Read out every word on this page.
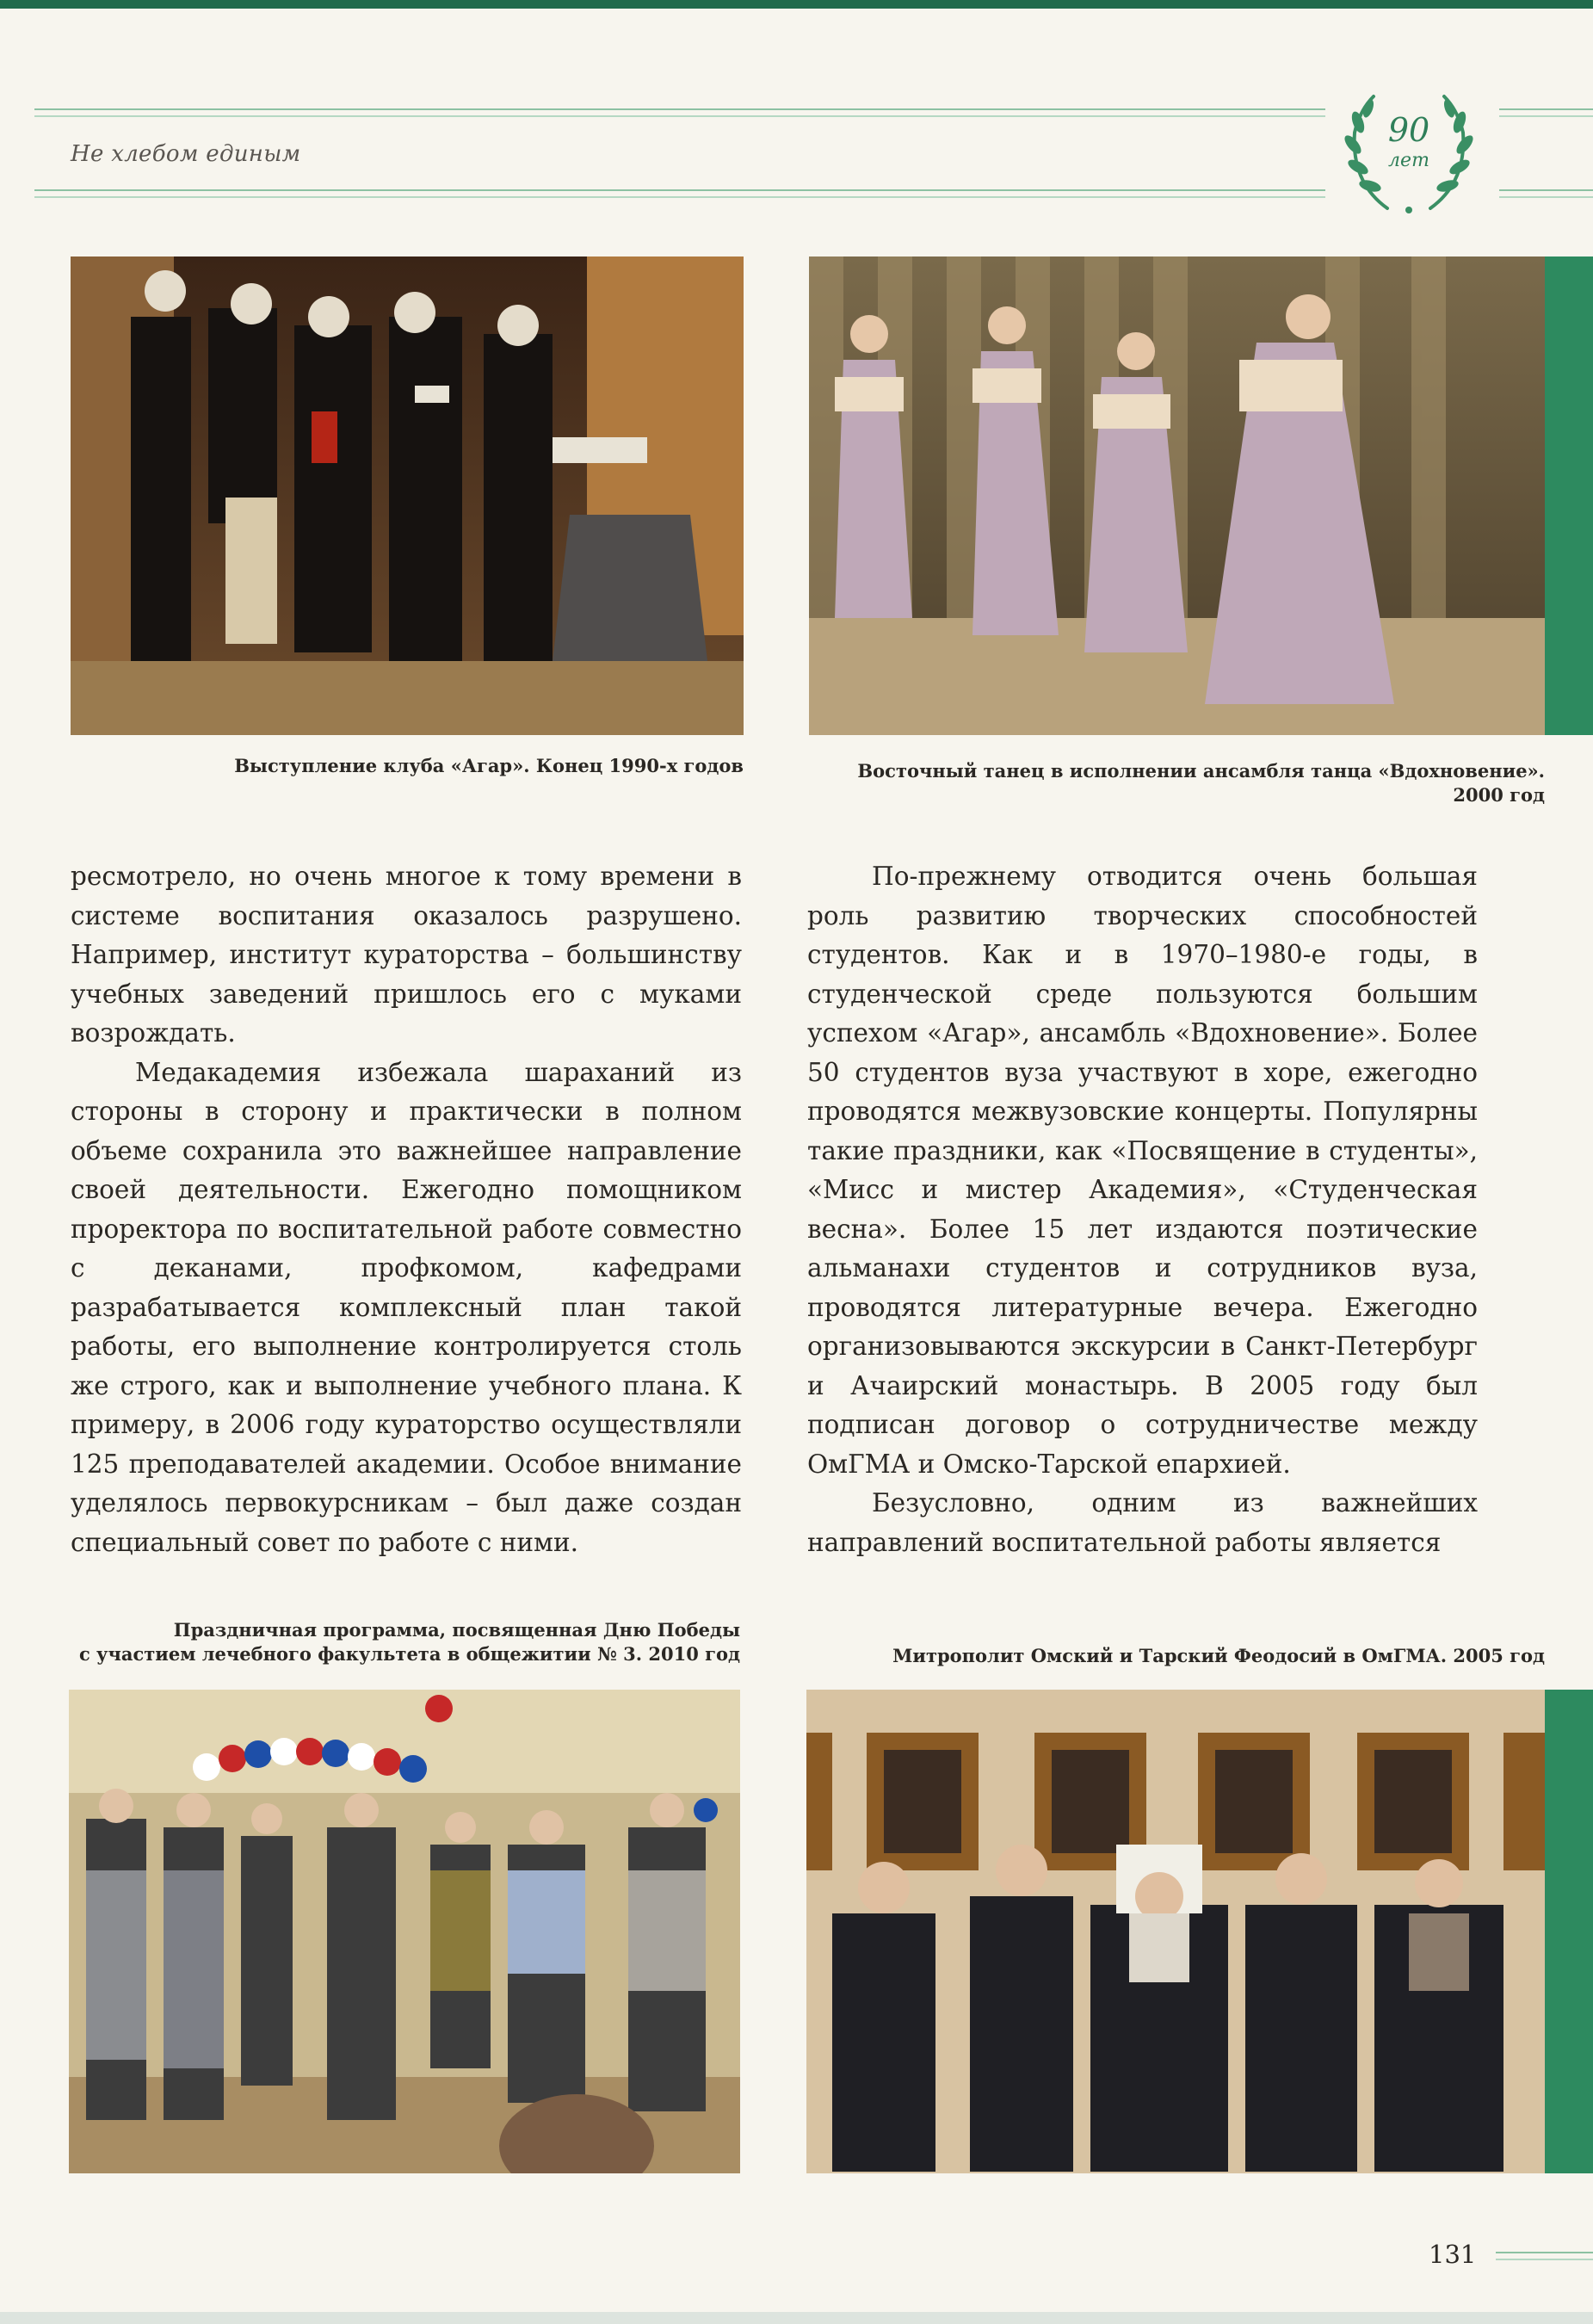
Не хлебом единым
90
лет
Выступление клуба «Агар». Конец 1990-х годов	Восточный танец в исполнении ансамбля танца «Вдохновение».
2000 год

ресмотрело, но очень многое к тому времени в системе воспитания оказалось разрушено. Например, институт кураторства – большинству учебных заведений пришлось его с муками возрождать.

Медакадемия избежала шараханий из стороны в сторону и практически в полном объеме сохранила это важнейшее направление своей деятельности. Ежегодно помощником проректора по воспитательной работе совместно с деканами, профкомом, кафедрами разрабатывается комплексный план такой работы, его выполнение контролируется столь же строго, как и выполнение учебного плана. К примеру, в 2006 году кураторство осуществляли 125 преподавателей академии. Особое внимание уделялось первокурсникам – был даже создан специальный совет по работе с ними.

По-прежнему отводится очень большая роль развитию творческих способностей студентов. Как и в 1970–1980-е годы, в студенческой среде пользуются большим успехом «Агар», ансамбль «Вдохновение». Более 50 студентов вуза участвуют в хоре, ежегодно проводятся межвузовские концерты. Популярны такие праздники, как «Посвящение в студенты», «Мисс и мистер Академия», «Студенческая весна». Более 15 лет издаются поэтические альманахи студентов и сотрудников вуза, проводятся литературные вечера. Ежегодно организовываются экскурсии в Санкт-Петербург и Ачаирский монастырь. В 2005 году был подписан договор о сотрудничестве между ОмГМА и Омско-Тарской епархией.

Безусловно, одним из важнейших направлений воспитательной работы является

Праздничная программа, посвященная Дню Победы
с участием лечебного факультета в общежитии № 3. 2010 год	Митрополит Омский и Тарский Феодосий в ОмГМА. 2005 год
131
